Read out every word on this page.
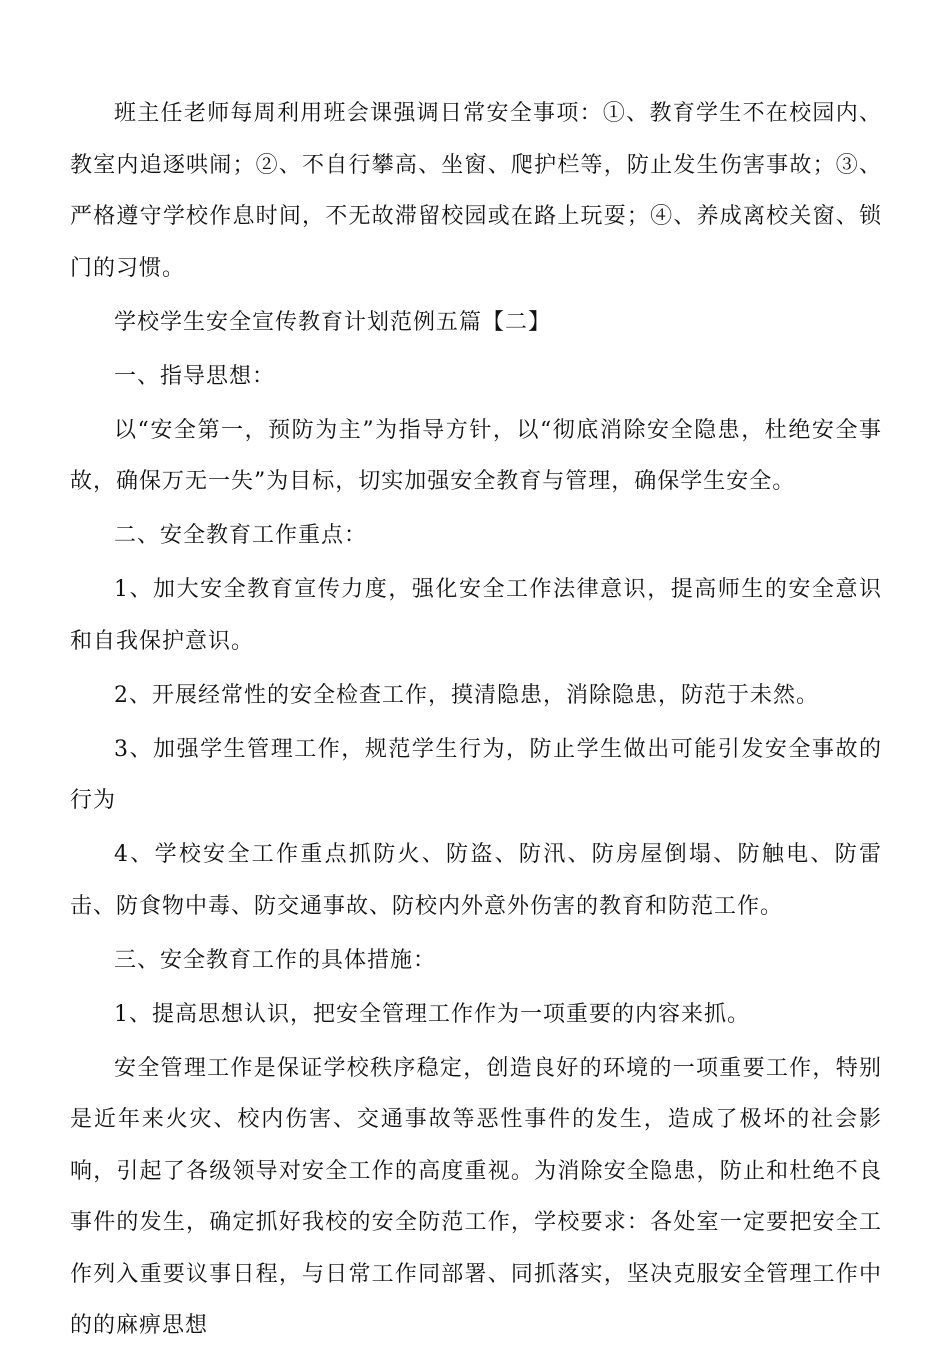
班主任老师每周利用班会课强调日常安全事项：①、教育学生不在校园内、教室内追逐哄闹；②、不自行攀高、坐窗、爬护栏等，防止发生伤害事故；③、严格遵守学校作息时间，不无故滞留校园或在路上玩耍；④、养成离校关窗、锁门的习惯。

学校学生安全宣传教育计划范例五篇【二】

一、指导思想：

以“安全第一，预防为主”为指导方针，以“彻底消除安全隐患，杜绝安全事故，确保万无一失”为目标，切实加强安全教育与管理，确保学生安全。

二、安全教育工作重点：

1、加大安全教育宣传力度，强化安全工作法律意识，提高师生的安全意识和自我保护意识。

2、开展经常性的安全检查工作，摸清隐患，消除隐患，防范于未然。

3、加强学生管理工作，规范学生行为，防止学生做出可能引发安全事故的行为

4、学校安全工作重点抓防火、防盗、防汛、防房屋倒塌、防触电、防雷击、防食物中毒、防交通事故、防校内外意外伤害的教育和防范工作。

三、安全教育工作的具体措施：

1、提高思想认识，把安全管理工作作为一项重要的内容来抓。

安全管理工作是保证学校秩序稳定，创造良好的环境的一项重要工作，特别是近年来火灾、校内伤害、交通事故等恶性事件的发生，造成了极坏的社会影响，引起了各级领导对安全工作的高度重视。为消除安全隐患，防止和杜绝不良事件的发生，确定抓好我校的安全防范工作，学校要求：各处室一定要把安全工作列入重要议事日程，与日常工作同部署、同抓落实，坚决克服安全管理工作中的的麻痹思想
